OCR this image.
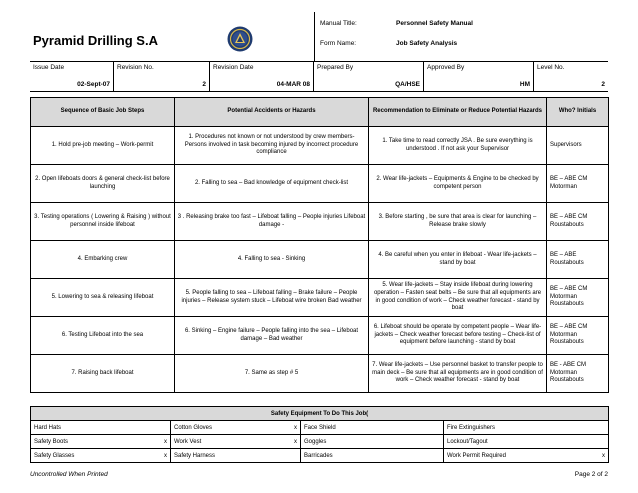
Pyramid Drilling S.A
Manual Title:	Personnel Safety Manual
Form Name:	Job Safety Analysis
Issue Date
02-Sept-07
Revision No.
2
Revision Date
04-MAR 08
Prepared By
QA/HSE
Approved By
HM
Level No.
2
Sequence of Basic Job Steps	Potential Accidents or Hazards	Recommendation to Eliminate or Reduce Potential Hazards	Who? Initials
1. Hold pre-job meeting – Work-permit	1. Procedures not known or not understood by crew members- Persons involved in task becoming injured by incorrect procedure compliance	1. Take time to read correctly JSA . Be sure everything is understood . If not ask your Supervisor	Supervisors
2. Open lifeboats doors & general check-list before launching	2. Falling to sea – Bad knowledge of equipment check-list	2. Wear life-jackets – Equipments & Engine to be checked by competent person	BE – ABE CM Motorman
3. Testing operations ( Lowering & Raising ) without personnel inside lifeboat	3 . Releasing brake too fast – Lifeboat falling – People injuries Lifeboat damage -	3. Before starting , be sure that area is clear for launching – Release brake slowly	BE – ABE CM Roustabouts
4. Embarking crew	4. Falling to sea - Sinking	4. Be careful when you enter in lifeboat - Wear life-jackets – stand by boat	BE – ABE Roustabouts
5. Lowering to sea & releasing lifeboat	5. People falling to sea – Lifeboat falling – Brake failure – People injuries – Release system stuck – Lifeboat wire broken Bad weather	5. Wear life-jackets – Stay inside lifeboat during lowering operation – Fasten seat belts – Be sure that all equipments are in good condition of work – Check weather forecast - stand by boat	BE – ABE CM Motorman Roustabouts
6. Testing Lifeboat into the sea	6. Sinking – Engine failure – People falling into the sea – Lifeboat damage – Bad weather	6. Lifeboat should be operate by competent people – Wear life-jackets – Check weather forecast before testing – Check-list of equipment before launching - stand by boat	BE – ABE CM Motorman Roustabouts
7. Raising back lifeboat	7. Same as step # 5	7. Wear life-jackets – Use personnel basket to transfer people to main deck – Be sure that all equipments are in good condition of work – Check weather forecast - stand by boat	BE - ABE CM Motorman Roustabouts
Safety Equipment To Do This Job(			
Hard Hats	Cotton Gloves x	Face Shield	Fire Extinguishers

Safety Boots x	Work Vest x	Goggles	Lockout/Tagout

Safety Glasses x	Safety Harness	Barricades	Work Permit Required x
Uncontrolled When Printed	Page 2 of 2
